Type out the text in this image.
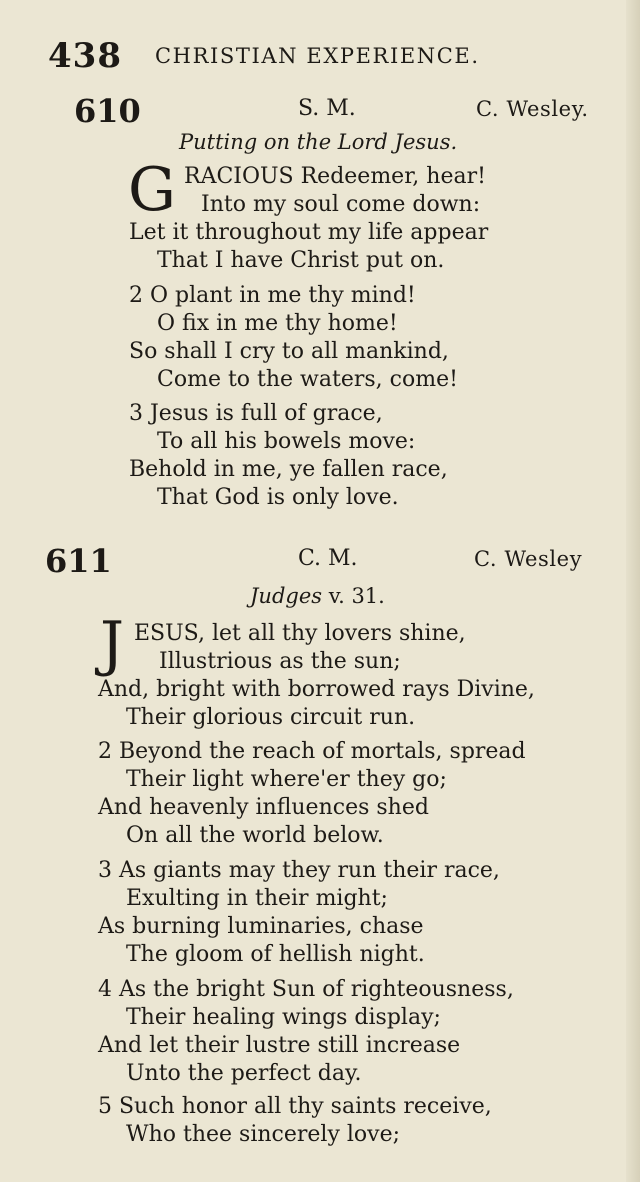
438 CHRISTIAN EXPERIENCE.
610	S. M.	C. Wesley.
Putting on the Lord Jesus.
G RACIOUS Redeemer, hear!
Into my soul come down:
Let it throughout my life appear
That I have Christ put on.
2 O plant in me thy mind!
O fix in me thy home!
So shall I cry to all mankind,
Come to the waters, come!
3 Jesus is full of grace,
To all his bowels move:
Behold in me, ye fallen race,
That God is only love.
611	C. M.	C. Wesley
Judges v. 31.
J ESUS, let all thy lovers shine,
Illustrious as the sun;
And, bright with borrowed rays Divine,
Their glorious circuit run.
2 Beyond the reach of mortals, spread
Their light where'er they go;
And heavenly influences shed
On all the world below.
3 As giants may they run their race,
Exulting in their might;
As burning luminaries, chase
The gloom of hellish night.
4 As the bright Sun of righteousness,
Their healing wings display;
And let their lustre still increase
Unto the perfect day.
5 Such honor all thy saints receive,
Who thee sincerely love;
